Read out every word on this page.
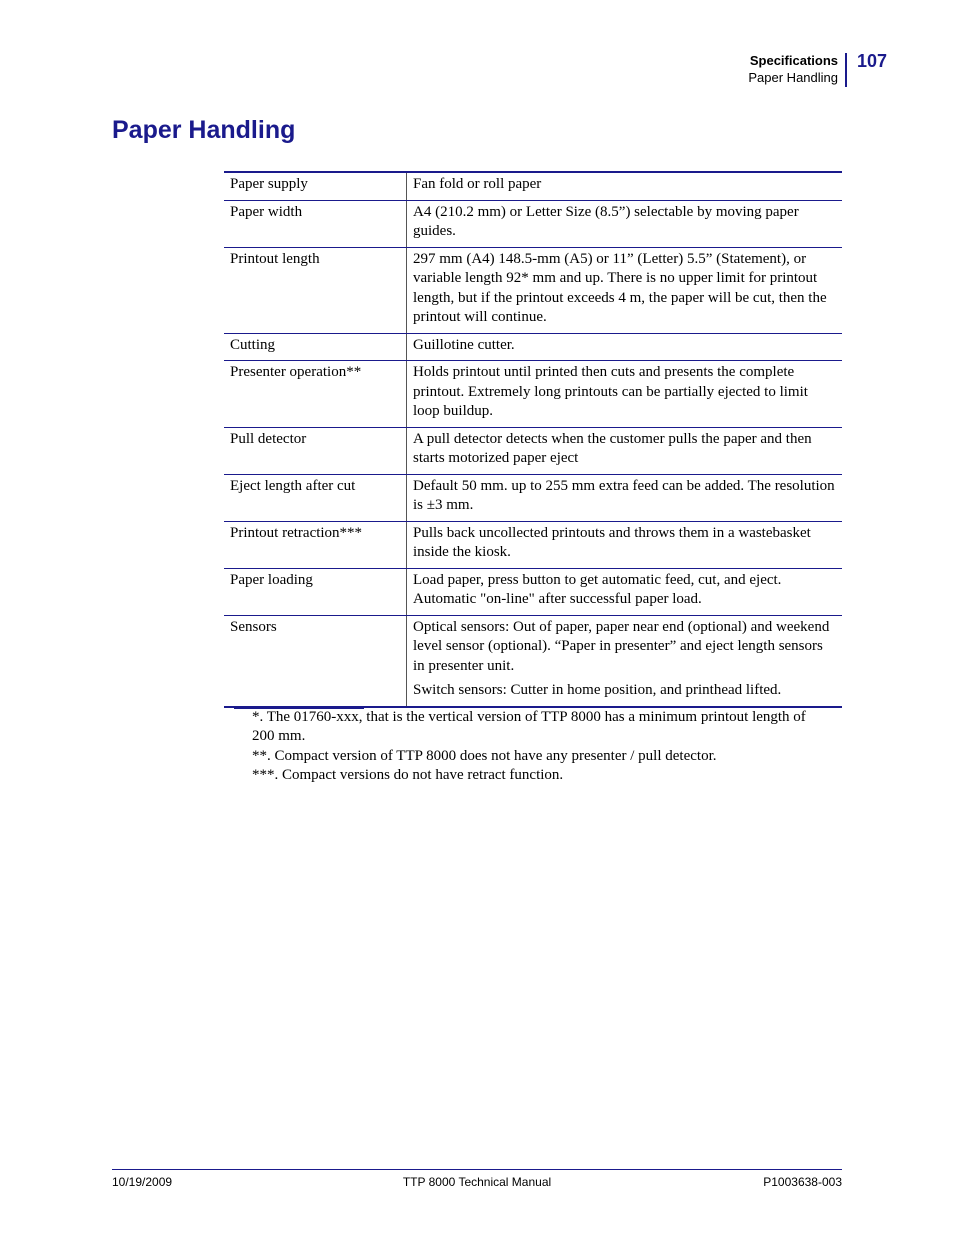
Specifications
Paper Handling
107
Paper Handling
Paper supply	Fan fold or roll paper

Paper width	A4 (210.2 mm) or Letter Size (8.5”) selectable by moving paper guides.

Printout length	297 mm (A4) 148.5-mm (A5) or 11” (Letter) 5.5” (Statement), or variable length 92* mm and up. There is no upper limit for printout length, but if the printout exceeds 4 m, the paper will be cut, then the printout will continue.

Cutting	Guillotine cutter.

Presenter operation**	Holds printout until printed then cuts and presents the complete printout. Extremely long printouts can be partially ejected to limit loop buildup.

Pull detector	A pull detector detects when the customer pulls the paper and then starts motorized paper eject

Eject length after cut	Default 50 mm. up to 255 mm extra feed can be added. The resolution is ±3 mm.

Printout retraction***	Pulls back uncollected printouts and throws them in a wastebasket inside the kiosk.

Paper loading	Load paper, press button to get automatic feed, cut, and eject. Automatic "on-line" after successful paper load.

Sensors	Optical sensors: Out of paper, paper near end (optional) and weekend level sensor (optional). “Paper in presenter” and eject length sensors in presenter unit.

Switch sensors: Cutter in home position, and printhead lifted.

*. The 01760-xxx, that is the vertical version of TTP 8000 has a minimum printout length of 200 mm.

**. Compact version of TTP 8000 does not have any presenter / pull detector.

***. Compact versions do not have retract function.

10/19/2009	TTP 8000 Technical Manual	P1003638-003
